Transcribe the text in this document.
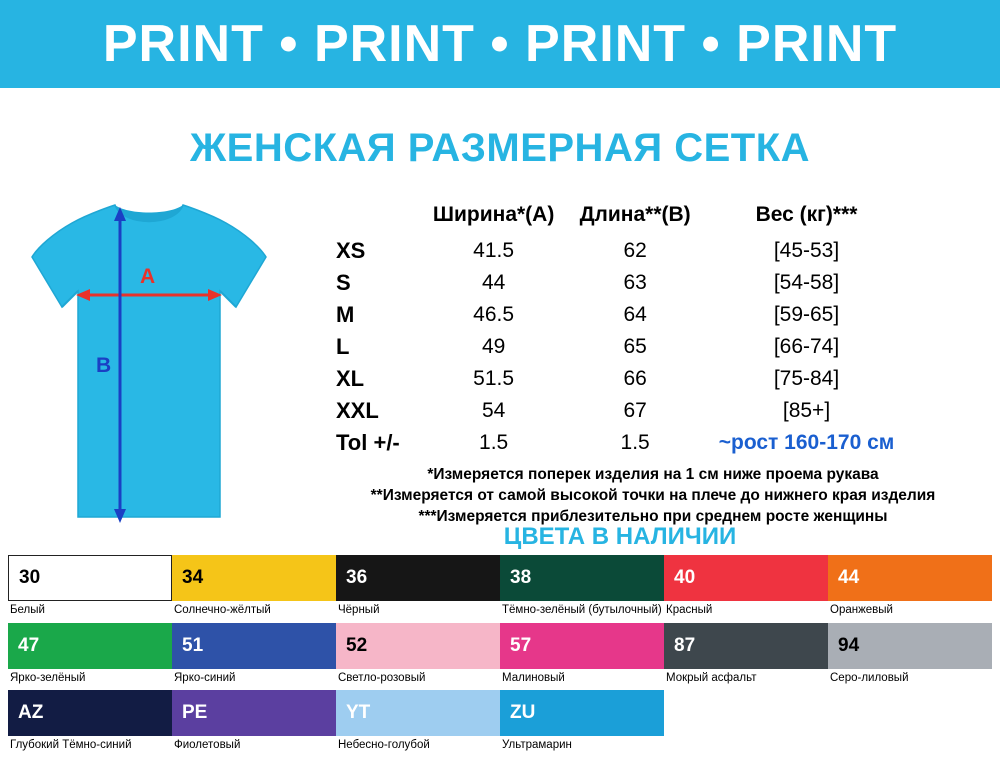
PRINT • PRINT • PRINT • PRINT
ЖЕНСКАЯ РАЗМЕРНАЯ СЕТКА
A
B
	Ширина*(A)	Длина**(B)	Вес (кг)***
XS	41.5	62	[45-53]
S	44	63	[54-58]
M	46.5	64	[59-65]
L	49	65	[66-74]
XL	51.5	66	[75-84]
XXL	54	67	[85+]
Tol +/-	1.5	1.5	~рост 160-170 см
*Измеряется поперек изделия на 1 см ниже проема рукава
**Измеряется от самой высокой точки на плече до нижнего края изделия
***Измеряется приблезительно при среднем росте женщины
ЦВЕТА В НАЛИЧИИ
30
Белый
34
Солнечно-жёлтый
36
Чёрный
38
Тёмно-зелёный (бутылочный)
40
Красный
44
Оранжевый
47
Ярко-зелёный
51
Ярко-синий
52
Светло-розовый
57
Малиновый
87
Мокрый асфальт
94
Серо-лиловый
AZ
Глубокий Тёмно-синий
PE
Фиолетовый
YT
Небесно-голубой
ZU
Ультрамарин
